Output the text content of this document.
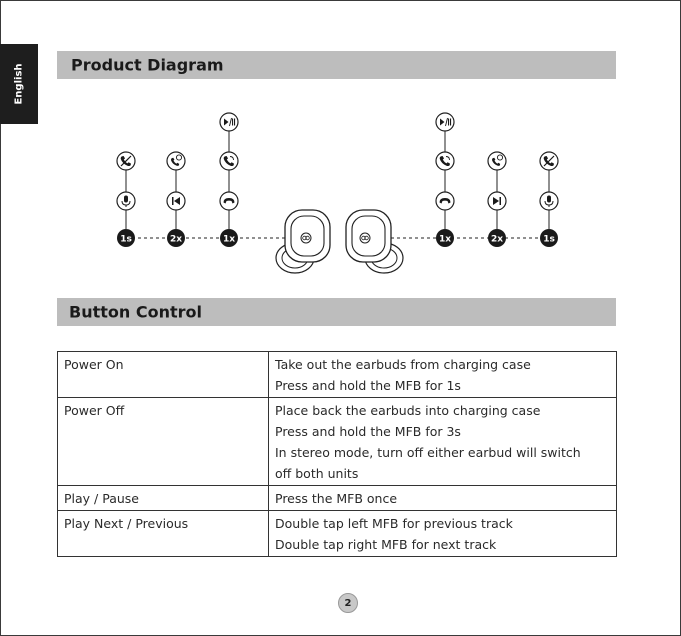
English	Product Diagram
1s	2x	1x	1x	2x	1s
Button Control
Power On	Take out the earbuds from charging case
Press and hold the MFB for 1s

Power Off	Place back the earbuds into charging case
Press and hold the MFB for 3s
In stereo mode, turn off either earbud will switch
off both units

Play / Pause	Press the MFB once

Play Next / Previous	Double tap left MFB for previous track
Double tap right MFB for next track
2
